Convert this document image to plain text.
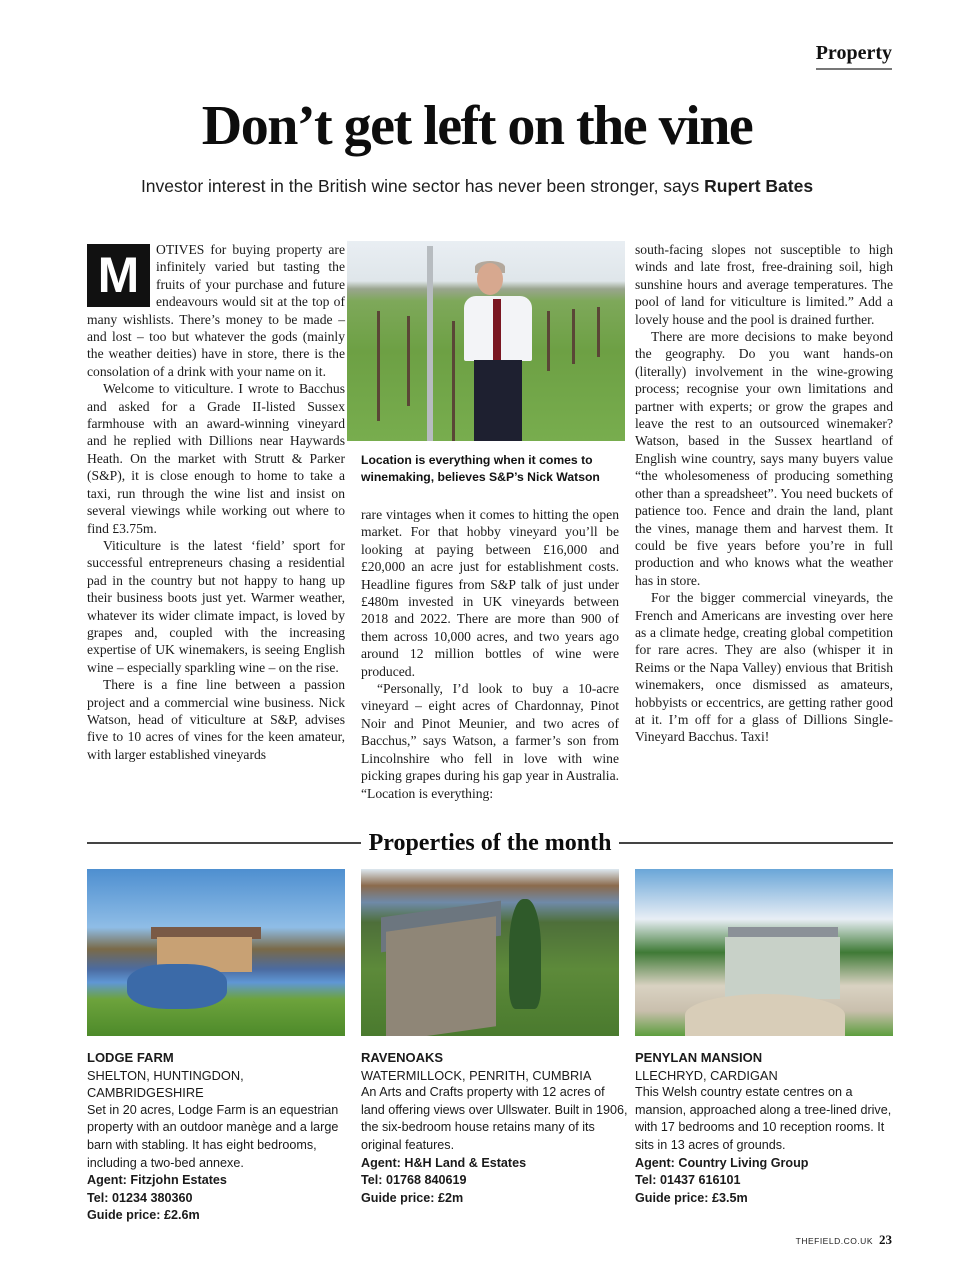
Property
Don’t get left on the vine
Investor interest in the British wine sector has never been stronger, says Rupert Bates

M	OTIVES for buying property are infinitely varied but tasting the fruits of your purchase and future endeavours would sit at the top of many wishlists. There’s money to be made – and lost – too but whatever the gods (mainly the weather deities) have in store, there is the consolation of a drink with your name on it.

Welcome to viticulture. I wrote to Bacchus and asked for a Grade II-listed Sussex farmhouse with an award-winning vineyard and he replied with Dillions near Haywards Heath. On the market with Strutt & Parker (S&P), it is close enough to home to take a taxi, run through the wine list and insist on several viewings while working out where to find £3.75m.

Viticulture is the latest ‘field’ sport for successful entrepreneurs chasing a residential pad in the country but not happy to hang up their business boots just yet. Warmer weather, whatever its wider climate impact, is loved by grapes and, coupled with the increasing expertise of UK winemakers, is seeing English wine – especially sparkling wine – on the rise.

There is a fine line between a passion project and a commercial wine business. Nick Watson, head of viticulture at S&P, advises five to 10 acres of vines for the keen amateur, with larger established vineyards

Location is everything when it comes to winemaking, believes S&P’s Nick Watson

rare vintages when it comes to hitting the open market. For that hobby vineyard you’ll be looking at paying between £16,000 and £20,000 an acre just for establishment costs. Headline figures from S&P talk of just under £480m invested in UK vineyards between 2018 and 2022. There are more than 900 of them across 10,000 acres, and two years ago around 12 million bottles of wine were produced.

“Personally, I’d look to buy a 10-acre vineyard – eight acres of Chardonnay, Pinot Noir and Pinot Meunier, and two acres of Bacchus,” says Watson, a farmer’s son from Lincolnshire who fell in love with wine picking grapes during his gap year in Australia. “Location is everything:

south-facing slopes not susceptible to high winds and late frost, free-draining soil, high sunshine hours and average temperatures. The pool of land for viticulture is limited.” Add a lovely house and the pool is drained further.

There are more decisions to make beyond the geography. Do you want hands-on (literally) involvement in the wine-growing process; recognise your own limitations and partner with experts; or grow the grapes and leave the rest to an outsourced winemaker? Watson, based in the Sussex heartland of English wine country, says many buyers value “the wholesomeness of producing something other than a spreadsheet”. You need buckets of patience too. Fence and drain the land, plant the vines, manage them and harvest them. It could be five years before you’re in full production and who knows what the weather has in store.

For the bigger commercial vineyards, the French and Americans are investing over here as a climate hedge, creating global competition for rare acres. They are also (whisper it in Reims or the Napa Valley) envious that British winemakers, once dismissed as amateurs, hobbyists or eccentrics, are getting rather good at it. I’m off for a glass of Dillions Single-Vineyard Bacchus. Taxi!

Properties of the month
LODGE FARM
SHELTON, HUNTINGDON, CAMBRIDGESHIRE
Set in 20 acres, Lodge Farm is an equestrian property with an outdoor manège and a large barn with stabling. It has eight bedrooms, including a two-bed annexe.
Agent: Fitzjohn Estates
Tel: 01234 380360
Guide price: £2.6m
RAVENOAKS
WATERMILLOCK, PENRITH, CUMBRIA
An Arts and Crafts property with 12 acres of land offering views over Ullswater. Built in 1906, the six-bedroom house retains many of its original features.
Agent: H&H Land & Estates
Tel: 01768 840619
Guide price: £2m
PENYLAN MANSION
LLECHRYD, CARDIGAN
This Welsh country estate centres on a mansion, approached along a tree-lined drive, with 17 bedrooms and 10 reception rooms. It sits in 13 acres of grounds.
Agent: Country Living Group
Tel: 01437 616101
Guide price: £3.5m
THEFIELD.CO.UK 23
